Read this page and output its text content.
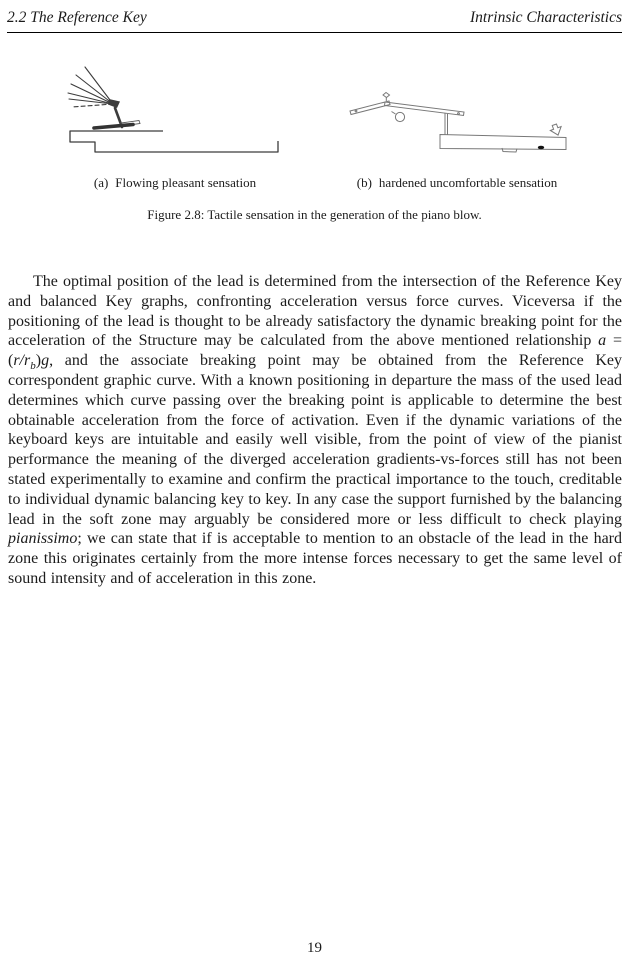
2.2 The Reference Key	Intrinsic Characteristics
(a) Flowing pleasant sensation	(b) hardened uncomfortable sensation
Figure 2.8: Tactile sensation in the generation of the piano blow.

The optimal position of the lead is determined from the intersection of the Reference Key and balanced Key graphs, confronting acceleration versus force curves. Viceversa if the positioning of the lead is thought to be already satisfactory the dynamic breaking point for the acceleration of the Structure may be calculated from the above mentioned relationship $a = (r/r_b)g$, and the associate breaking point may be obtained from the Reference Key correspondent graphic curve. With a known positioning in departure the mass of the used lead determines which curve passing over the breaking point is applicable to determine the best obtainable acceleration from the force of activation. Even if the dynamic variations of the keyboard keys are intuitable and easily well visible, from the point of view of the pianist performance the meaning of the diverged acceleration gradients-vs-forces still has not been stated experimentally to examine and confirm the practical importance to the touch, creditable to individual dynamic balancing key to key. In any case the support furnished by the balancing lead in the soft zone may arguably be considered more or less difficult to check playing pianissimo; we can state that if is acceptable to mention to an obstacle of the lead in the hard zone this originates certainly from the more intense forces necessary to get the same level of sound intensity and of acceleration in this zone.

19
